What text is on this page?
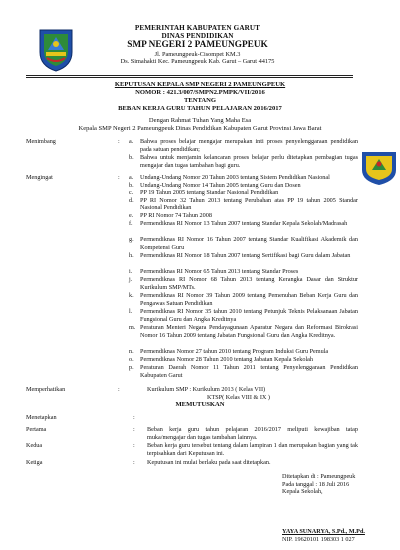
PEMERINTAH KABUPATEN GARUT
DINAS PENDIDIKAN
SMP NEGERI 2 PAMEUNGPEUK
Jl. Pameungpeuk-Cisompet KM.3
Ds. Simahakti Kec. Pameungpeuk Kab. Garut – Garut 44175
KEPUTUSAN KEPALA SMP NEGERI 2 PAMEUNGPEUK
NOMOR : 421.3/007/SMPN2.PMPK/VII/2016
TENTANG
BEBAN KERJA GURU TAHUN PELAJARAN 2016/2017
Dengan Rahmat Tuhan Yang Maha Esa
Kepala SMP Negeri 2 Pameungpeuk Dinas Pendidikan Kabupaten Garut Provinsi Jawa Barat
Menimbang	: a. Bahwa proses belajar mengajar merupakan inti proses penyelenggaraan pendidikan pada satuan pendidikan;
b. Bahwa untuk menjamin kelancaran proses belajar perlu ditetapkan pembagian tugas mengajar dan tugas tambahan bagi guru.
Mengingat	: a. Undang-Undang Nomor 20 Tahun 2003 tentang Sistem Pendidikan Nasional
b. Undang-Undang Nomor 14 Tahun 2005 tentang Guru dan Dosen
c. PP 19 Tahun 2005 tentang Standar Nasional Pendidikan
d. PP RI Nomor 32 Tahun 2013 tentang Perubahan atas PP 19 tahun 2005 Standar Nasional Pendidikan
e. PP RI Nomor 74 Tahun 2008
f. Permendiknas RI Nomor 13 Tahun 2007 tentang Standar Kepala Sekolah/Madrasah
g. Permendiknas RI Nomor 16 Tahun 2007 tentang Standar Kualifikasi Akademik dan Kompetensi Guru
h. Permendiknas RI Nomor 18 Tahun 2007 tentang Sertifikasi bagi Guru dalam Jabatan
i. Permendiknas RI Nomor 65 Tahun 2013 tentang Standar Proses
j. Permendiknas RI Nomor 68 Tahun 2013 tentang Kerangka Dasar dan Struktur Kurikulum SMP/MTs.
k. Permendiknas RI Nomor 39 Tahun 2009 tentang Pemenuhan Beban Kerja Guru dan Pengawas Satuan Pendidikan
l. Permendiknas RI Nomor 35 tahun 2010 tentang Petunjuk Teknis Pelaksanaan Jabatan Fungsional Guru dan Angka Kreditnya
m. Peraturan Menteri Negara Pendayagunaan Aparatur Negara dan Reformasi Birokrasi Nomor 16 Tahun 2009 tentang Jabatan Fungsional Guru dan Angka Kreditnya.
n. Permendiknas Nomor 27 tahun 2010 tentang Program Induksi Guru Pemula
o. Permendiknas Nomor 28 Tahun 2010 tentang Jabatan Kepala Sekolah
p. Peraturan Daerah Nomor 11 Tahun 2011 tentang Penyelenggaraan Pendidikan Kabupaten Garut
Memperhatikan	:	Kurikulum SMP : Kurikulum 2013 ( Kelas VII)
KTSP( Kelas VIII & IX )
MEMUTUSKAN
Menetapkan	:
Pertama	: Beban kerja guru tahun pelajaran 2016/2017 meliputi kewajiban tatap muka/mengajar dan tugas tambahan lainnya.
Kedua	: Beban kerja guru tersebut tentang dalam lampiran 1 dan merupakan bagian yang tak terpisahkan dari Keputusan ini.
Ketiga	: Keputusan ini mulai berlaku pada saat ditetapkan.
Ditetapkan di : Pameungpeuk
Pada tanggal : 18 Juli 2016
Kepala Sekolah,
YAYA SUNARYA, S.Pd., M.Pd.
NIP. 19620101 198303 1 027
